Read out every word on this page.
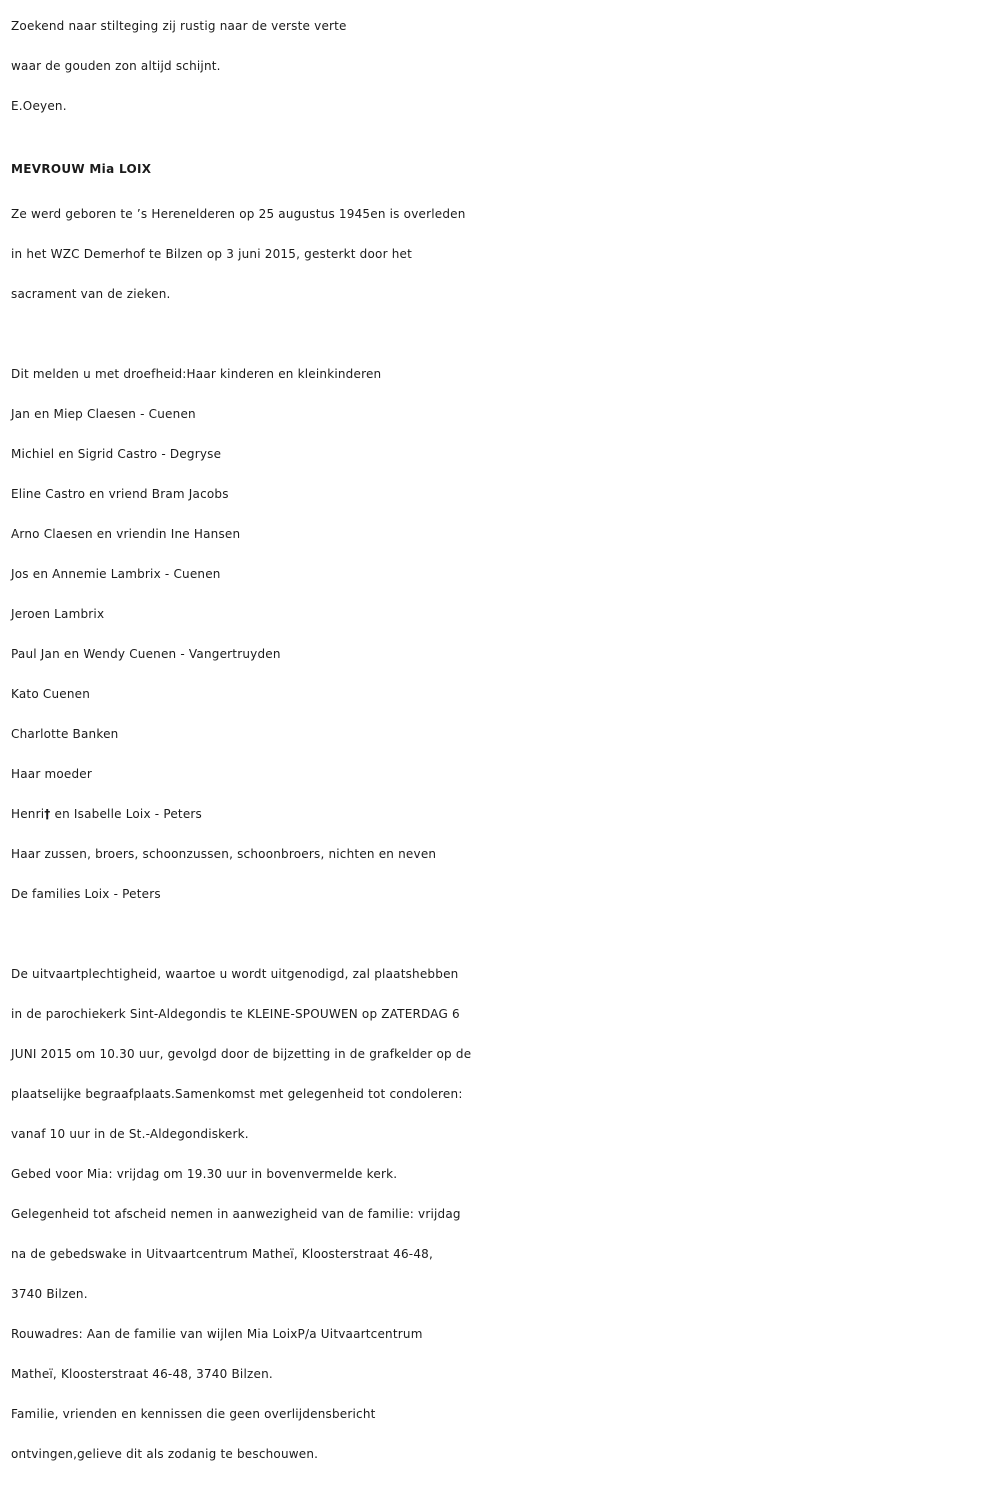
Zoekend naar stilteging zij rustig naar de verste verte
waar de gouden zon altijd schijnt.
E.Oeyen.
MEVROUW Mia LOIX
Ze werd geboren te ’s Herenelderen op 25 augustus 1945en is overleden
in het WZC Demerhof te Bilzen op 3 juni 2015, gesterkt door het
sacrament van de zieken.
Dit melden u met droefheid:Haar kinderen en kleinkinderen
Jan en Miep Claesen - Cuenen
Michiel en Sigrid Castro - Degryse
Eline Castro en vriend Bram Jacobs
Arno Claesen en vriendin Ine Hansen
Jos en Annemie Lambrix - Cuenen
Jeroen Lambrix
Paul Jan en Wendy Cuenen - Vangertruyden
Kato Cuenen
Charlotte Banken
Haar moeder
Henri† en Isabelle Loix - Peters
Haar zussen, broers, schoonzussen, schoonbroers, nichten en neven
De families Loix - Peters
De uitvaartplechtigheid, waartoe u wordt uitgenodigd, zal plaatshebben
in de parochiekerk Sint-Aldegondis te KLEINE-SPOUWEN op ZATERDAG 6
JUNI 2015 om 10.30 uur, gevolgd door de bijzetting in de grafkelder op de
plaatselijke begraafplaats.Samenkomst met gelegenheid tot condoleren:
vanaf 10 uur in de St.-Aldegondiskerk.
Gebed voor Mia: vrijdag om 19.30 uur in bovenvermelde kerk.
Gelegenheid tot afscheid nemen in aanwezigheid van de familie: vrijdag
na de gebedswake in Uitvaartcentrum Matheï, Kloosterstraat 46-48,
3740 Bilzen.
Rouwadres: Aan de familie van wijlen Mia LoixP/a Uitvaartcentrum
Matheï, Kloosterstraat 46-48, 3740 Bilzen.
Familie, vrienden en kennissen die geen overlijdensbericht
ontvingen,gelieve dit als zodanig te beschouwen.
